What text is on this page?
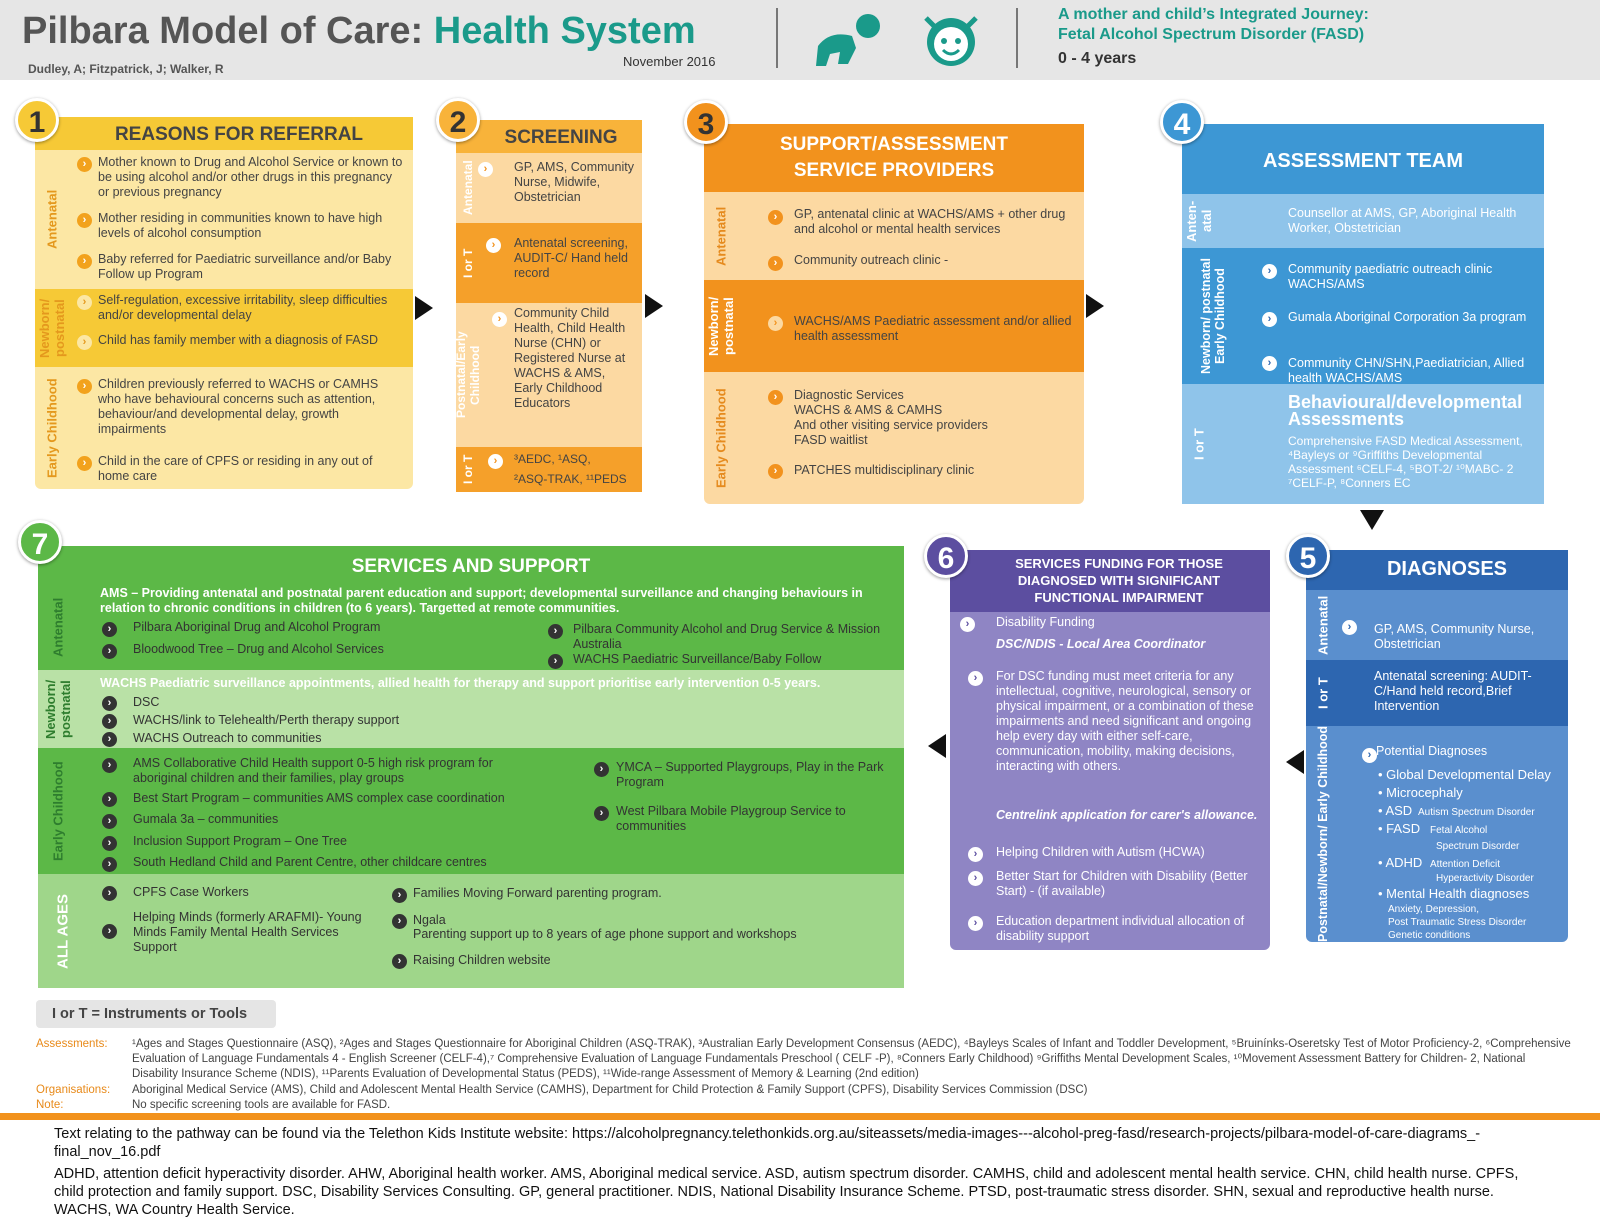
Pilbara Model of Care: Health System
Dudley, A; Fitzpatrick, J; Walker, R	November 2016
A mother and child’s Integrated Journey:
Fetal Alcohol Spectrum Disorder (FASD)
0 - 4 years
REASONS FOR REFERRAL
Antenatal
Newborn/ postnatal
Early Childhood
› Mother known to Drug and Alcohol Service or known to be using alcohol and/or other drugs in this pregnancy or previous pregnancy
› Mother residing in communities known to have high levels of alcohol consumption
› Baby referred for Paediatric surveillance and/or Baby Follow up Program
› Self-regulation, excessive irritability, sleep difficulties and/or developmental delay
› Child has family member with a diagnosis of FASD
› Children previously referred to WACHS or CAMHS who have behavioural concerns such as attention, behaviour/and developmental delay, growth impairments
› Child in the care of CPFS or residing in any out of home care
1	SCREENING
Antenatal
I or T
Postnatal/Early Childhood
I or T
›	GP, AMS, Community Nurse, Midwife, Obstetrician
›	Antenatal screening, AUDIT-C/ Hand held record
›	Community Child Health, Child Health Nurse (CHN) or Registered Nurse at WACHS & AMS, Early Childhood Educators
›	³AEDC, ¹ASQ,
²ASQ-TRAK, ¹¹PEDS
2
SUPPORT/ASSESSMENT
SERVICE PROVIDERS
Antenatal
Newborn/ postnatal
Early Childhood
›	GP, antenatal clinic at WACHS/AMS + other drug and alcohol or mental health services
›	Community outreach clinic -
›	WACHS/AMS Paediatric assessment and/or allied health assessment
›	Diagnostic Services
WACHS & AMS & CAMHS
And other visiting service providers
FASD waitlist
›	PATCHES multidisciplinary clinic
3
ASSESSMENT TEAM
Anten-atal
Newborn/ postnatal Early Childhood
I or T
Counsellor at AMS, GP, Aboriginal Health Worker, Obstetrician
›	Community paediatric outreach clinic WACHS/AMS
›	Gumala Aboriginal Corporation 3a program
›	Community CHN/SHN,Paediatrician, Allied health WACHS/AMS
Behavioural/developmental Assessments
Comprehensive FASD Medical Assessment, ⁴Bayleys or ⁹Griffiths Developmental Assessment ⁶CELF-4, ⁵BOT-2/ ¹⁰MABC- 2 ⁷CELF-P, ⁸Conners EC
4
DIAGNOSES
Antenatal
I or T
Postnatal/Newborn/ Early Childhood
›	GP, AMS, Community Nurse, Obstetrician
Antenatal screening: AUDIT-C/Hand held record,Brief Intervention
› Potential Diagnoses
• Global Developmental Delay
• Microcephaly
• ASD Autism Spectrum Disorder
• FASD Fetal Alcohol
Spectrum Disorder
• ADHD Attention Deficit
Hyperactivity Disorder
• Mental Health diagnoses
Anxiety, Depression,
Post Traumatic Stress Disorder
Genetic conditions
5
SERVICES FUNDING FOR THOSE
DIAGNOSED WITH SIGNIFICANT
FUNCTIONAL IMPAIRMENT
›	Disability Funding
DSC/NDIS - Local Area Coordinator
›	For DSC funding must meet criteria for any intellectual, cognitive, neurological, sensory or physical impairment, or a combination of these impairments and need significant and ongoing help every day with either self-care, communication, mobility, making decisions, interacting with others.
Centrelink application for carer's allowance.
›	Helping Children with Autism (HCWA)
›	Better Start for Children with Disability (Better Start) - (if available)
›	Education department individual allocation of disability support
6
SERVICES AND SUPPORT
Antenatal
Newborn/ postnatal
Early Childhood
ALL AGES
AMS – Providing antenatal and postnatal parent education and support; developmental surveillance and changing behaviours in relation to chronic conditions in children (to 6 years). Targetted at remote communities.
›	Pilbara Aboriginal Drug and Alcohol Program
›	Bloodwood Tree – Drug and Alcohol Services
›	Pilbara Community Alcohol and Drug Service & Mission Australia
›	WACHS Paediatric Surveillance/Baby Follow
WACHS Paediatric surveillance appointments, allied health for therapy and support prioritise early intervention 0-5 years.
›	DSC
›	WACHS/link to Telehealth/Perth therapy support
›	WACHS Outreach to communities
›	AMS Collaborative Child Health support 0-5 high risk program for aboriginal children and their families, play groups
›	Best Start Program – communities AMS complex case coordination
›	Gumala 3a – communities
›	Inclusion Support Program – One Tree
›	South Hedland Child and Parent Centre, other childcare centres
›	YMCA – Supported Playgroups, Play in the Park Program
›	West Pilbara Mobile Playgroup Service to communities
›	CPFS Case Workers
›
Helping Minds (formerly ARAFMI)- Young Minds Family Mental Health Services Support
› Families Moving Forward parenting program.
› Ngala
Parenting support up to 8 years of age phone support and workshops
› Raising Children website
7
I or T = Instruments or Tools
Assessments: ¹Ages and Stages Questionnaire (ASQ), ²Ages and Stages Questionnaire for Aboriginal Children (ASQ-TRAK), ³Australian Early Development Consensus (AEDC), ⁴Bayleys Scales of Infant and Toddler Development, ⁵Bruinínks-Oseretsky Test of Motor Proficiency-2, ⁶Comprehensive Evaluation of Language Fundamentals 4 - English Screener (CELF-4),⁷ Comprehensive Evaluation of Language Fundamentals Preschool ( CELF -P), ⁸Conners Early Childhood) ⁹Griffiths Mental Development Scales, ¹⁰Movement Assessment Battery for Children- 2, National Disability Insurance Scheme (NDIS), ¹¹Parents Evaluation of Developmental Status (PEDS), ¹¹Wide-range Assessment of Memory & Learning (2nd edition)
Organisations: Aboriginal Medical Service (AMS), Child and Adolescent Mental Health Service (CAMHS), Department for Child Protection & Family Support (CPFS), Disability Services Commission (DSC)
Note:	No specific screening tools are available for FASD.
Text relating to the pathway can be found via the Telethon Kids Institute website: https://alcoholpregnancy.telethonkids.org.au/siteassets/media-images---alcohol-preg-fasd/research-projects/pilbara-model-of-care-diagrams_-final_nov_16.pdf
ADHD, attention deficit hyperactivity disorder. AHW, Aboriginal health worker. AMS, Aboriginal medical service. ASD, autism spectrum disorder. CAMHS, child and adolescent mental health service. CHN, child health nurse. CPFS, child protection and family support. DSC, Disability Services Consulting. GP, general practitioner. NDIS, National Disability Insurance Scheme. PTSD, post-traumatic stress disorder. SHN, sexual and reproductive health nurse. WACHS, WA Country Health Service.
